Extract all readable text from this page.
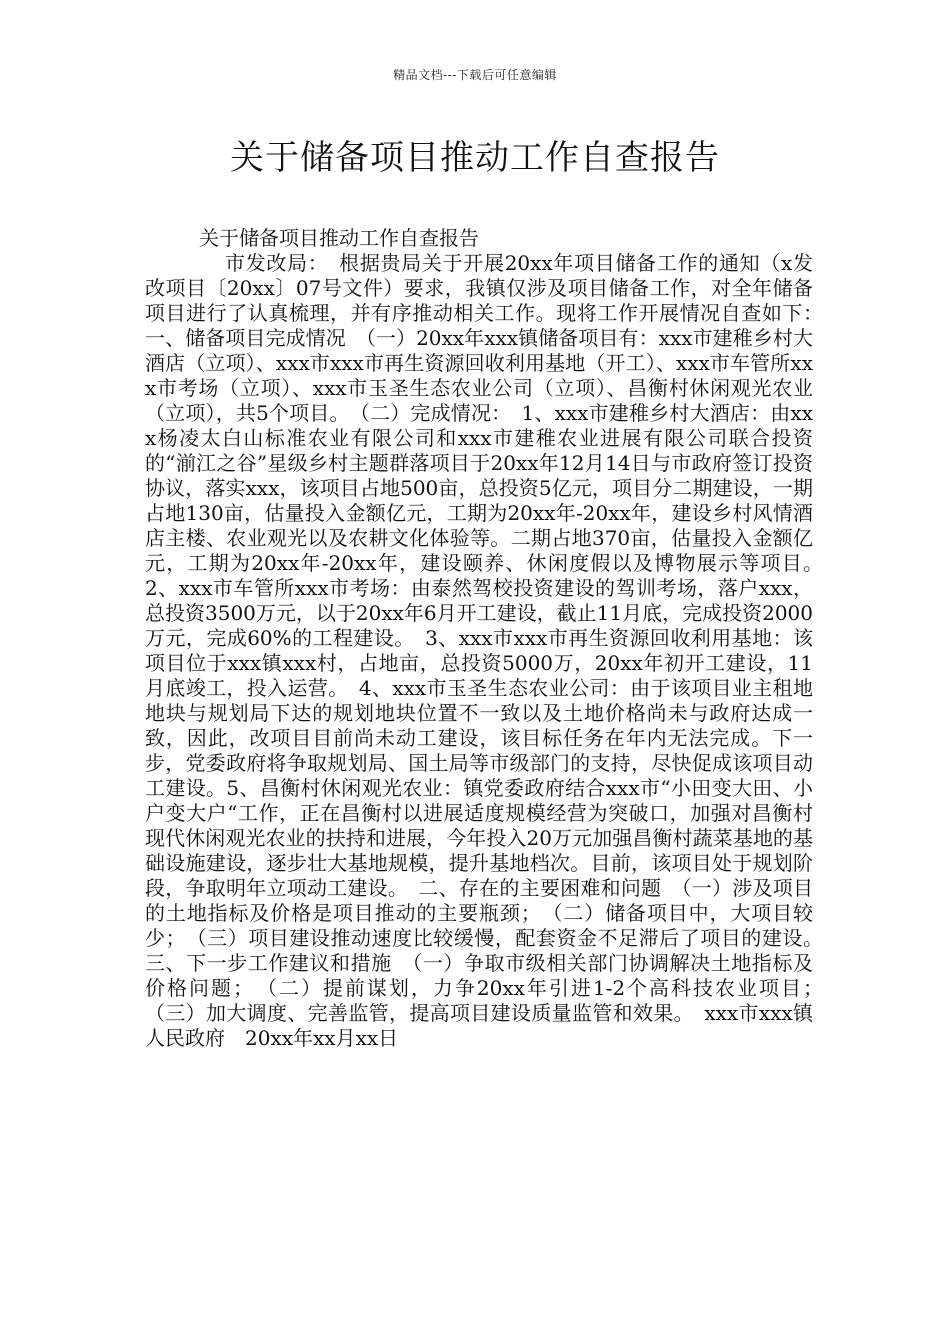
精品文档---下载后可任意编辑
关于储备项目推动工作自查报告

关于储备项目推动工作自查报告

市发改局：　根据贵局关于开展20xx年项目储备工作的通知（x发改项目〔20xx〕07号文件）要求，我镇仅涉及项目储备工作，对全年储备项目进行了认真梳理，并有序推动相关工作。现将工作开展情况自查如下：　一、储备项目完成情况　（一）20xx年xxx镇储备项目有：xxx市建稚乡村大酒店（立项）、xxx市xxx市再生资源回收利用基地（开工）、xxx市车管所xxx市考场（立项）、xxx市玉圣生态农业公司（立项）、昌衡村休闲观光农业（立项），共5个项目。　（二）完成情况：　1、xxx市建稚乡村大酒店：由xxx杨凌太白山标准农业有限公司和xxx市建稚农业进展有限公司联合投资的“湔江之谷”星级乡村主题群落项目于20xx年12月14日与市政府签订投资协议，落实xxx，该项目占地500亩，总投资5亿元，项目分二期建设，一期占地130亩，估量投入金额亿元，工期为20xx年-20xx年，建设乡村风情酒店主楼、农业观光以及农耕文化体验等。二期占地370亩，估量投入金额亿元，工期为20xx年-20xx年，建设颐养、休闲度假以及博物展示等项目。　2、xxx市车管所xxx市考场：由泰然驾校投资建设的驾训考场，落户xxx，总投资3500万元，以于20xx年6月开工建设，截止11月底，完成投资2000万元，完成60%的工程建设。　3、xxx市xxx市再生资源回收利用基地：该项目位于xxx镇xxx村，占地亩，总投资5000万，20xx年初开工建设，11月底竣工，投入运营。　4、xxx市玉圣生态农业公司：由于该项目业主租地地块与规划局下达的规划地块位置不一致以及土地价格尚未与政府达成一致，因此，改项目目前尚未动工建设，该目标任务在年内无法完成。下一步，党委政府将争取规划局、国土局等市级部门的支持，尽快促成该项目动工建设。5、昌衡村休闲观光农业：镇党委政府结合xxx市“小田变大田、小户变大户“工作，正在昌衡村以进展适度规模经营为突破口，加强对昌衡村现代休闲观光农业的扶持和进展，今年投入20万元加强昌衡村蔬菜基地的基础设施建设，逐步壮大基地规模，提升基地档次。目前，该项目处于规划阶段，争取明年立项动工建设。　二、存在的主要困难和问题　（一）涉及项目的土地指标及价格是项目推动的主要瓶颈；　（二）储备项目中，大项目较少；　（三）项目建设推动速度比较缓慢，配套资金不足滞后了项目的建设。　三、下一步工作建议和措施　（一）争取市级相关部门协调解决土地指标及价格问题；　（二）提前谋划，力争20xx年引进1-2个高科技农业项目；　（三）加大调度、完善监管，提高项目建设质量监管和效果。　xxx市xxx镇人民政府　20xx年xx月xx日
